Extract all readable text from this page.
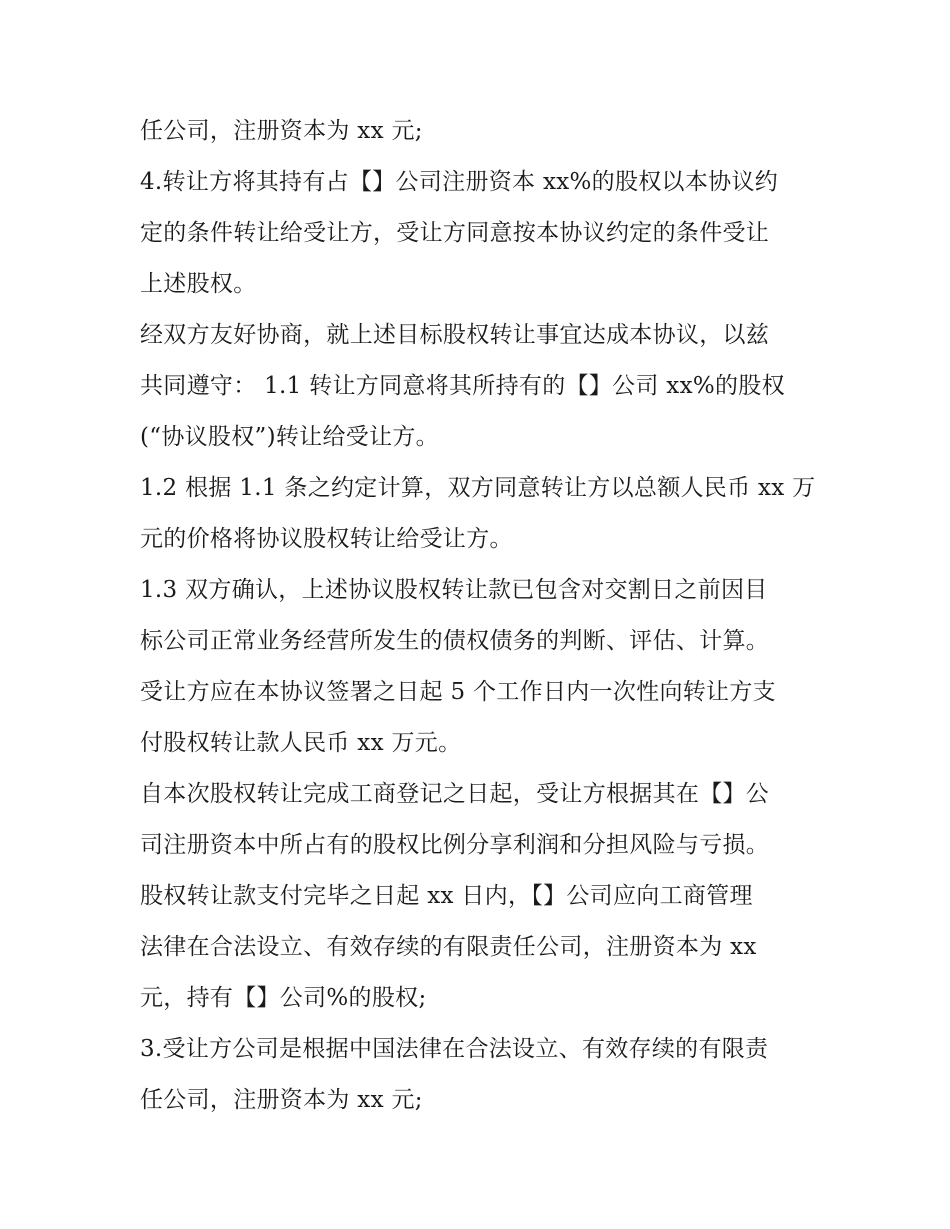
任公司，注册资本为 xx 元;
4.转让方将其持有占【】公司注册资本 xx%的股权以本协议约
定的条件转让给受让方，受让方同意按本协议约定的条件受让
上述股权。
经双方友好协商，就上述目标股权转让事宜达成本协议，以兹
共同遵守： 1.1 转让方同意将其所持有的【】公司 xx%的股权
(“协议股权”)转让给受让方。
1.2 根据 1.1 条之约定计算，双方同意转让方以总额人民币 xx 万
元的价格将协议股权转让给受让方。
1.3 双方确认，上述协议股权转让款已包含对交割日之前因目
标公司正常业务经营所发生的债权债务的判断、评估、计算。
受让方应在本协议签署之日起 5 个工作日内一次性向转让方支
付股权转让款人民币 xx 万元。
自本次股权转让完成工商登记之日起，受让方根据其在【】公
司注册资本中所占有的股权比例分享利润和分担风险与亏损。
股权转让款支付完毕之日起 xx 日内，【】公司应向工商管理
法律在合法设立、有效存续的有限责任公司，注册资本为 xx
元，持有【】公司%的股权;
3.受让方公司是根据中国法律在合法设立、有效存续的有限责
任公司，注册资本为 xx 元;
